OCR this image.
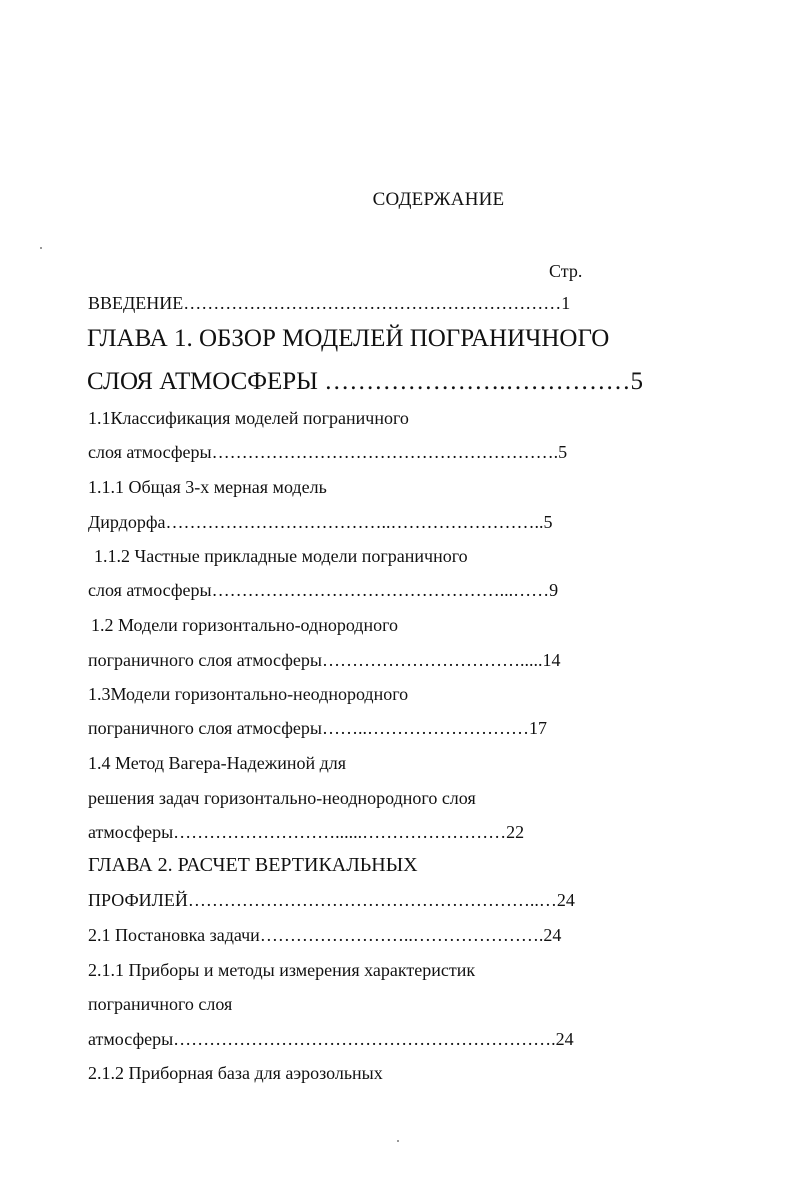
СОДЕРЖАНИЕ
Стр.
ВВЕДЕНИЕ………………………………………………………1
ГЛАВА 1. ОБЗОР МОДЕЛЕЙ ПОГРАНИЧНОГО
СЛОЯ АТМОСФЕРЫ ………………….……………5
1.1Классификация моделей пограничного
слоя атмосферы………………………………………………….5
1.1.1 Общая 3-х мерная модель
Дирдорфа………………………………..……………………..5
1.1.2 Частные прикладные модели пограничного
слоя атмосферы…………………………………………...……9
1.2 Модели горизонтально-однородного
пограничного слоя атмосферы…………………………….....14
1.3Модели горизонтально-неоднородного
пограничного слоя атмосферы……..………………………17
1.4 Метод Вагера-Надежиной для
решения задач горизонтально-неоднородного слоя
атмосферы………………………......……………………22
ГЛАВА 2. РАСЧЕТ ВЕРТИКАЛЬНЫХ
ПРОФИЛЕЙ…………………………………………………..…24
2.1 Постановка задачи……………………..………………….24
2.1.1 Приборы и методы измерения характеристик
пограничного слоя
атмосферы……………………………………………………….24
2.1.2 Приборная база для аэрозольных
